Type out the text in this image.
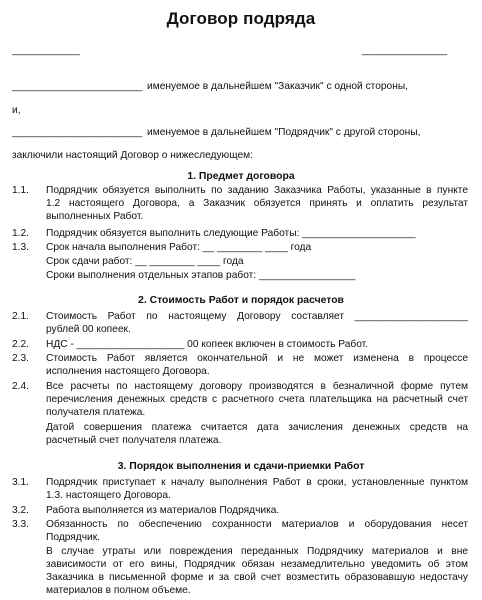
Договор подряда
____________	_______________
_______________________ именуемое в дальнейшем "Заказчик" с одной стороны,
и,
_______________________ именуемое в дальнейшем "Подрядчик" с другой стороны,
заключили настоящий Договор о нижеследующем:
1. Предмет договора
1.1. Подрядчик обязуется выполнить по заданию Заказчика Работы, указанные в пункте
1.2 настоящего Договора, а Заказчик обязуется принять и оплатить результат
выполненных Работ.
1.2. Подрядчик обязуется выполнить следующие Работы: ____________________
1.3. Срок начала выполнения Работ: __ ________ ____ года
Срок сдачи работ: __ ________ ____ года
Сроки выполнения отдельных этапов работ: _________________
2. Стоимость Работ и порядок расчетов
2.1. Стоимость Работ по настоящему Договору составляет ____________________
рублей 00 копеек.
2.2. НДС - ___________________ 00 копеек включен в стоимость Работ.
2.3. Стоимость Работ является окончательной и не может изменена в процессе
исполнения настоящего Договора.
2.4. Все расчеты по настоящему договору производятся в безналичной форме путем
перечисления денежных средств с расчетного счета плательщика на расчетный счет
получателя платежа.
Датой совершения платежа считается дата зачисления денежных средств на
расчетный счет получателя платежа.
3. Порядок выполнения и сдачи-приемки Работ
3.1. Подрядчик приступает к началу выполнения Работ в сроки, установленные пунктом
1.3. настоящего Договора.
3.2. Работа выполняется из материалов Подрядчика.
3.3. Обязанность по обеспечению сохранности материалов и оборудования несет
Подрядчик.
В случае утраты или повреждения переданных Подрядчику материалов и вне
зависимости от его вины, Подрядчик обязан незамедлительно уведомить об этом
Заказчика в письменной форме и за свой счет возместить образовавшую недостачу
материалов в полном объеме.
